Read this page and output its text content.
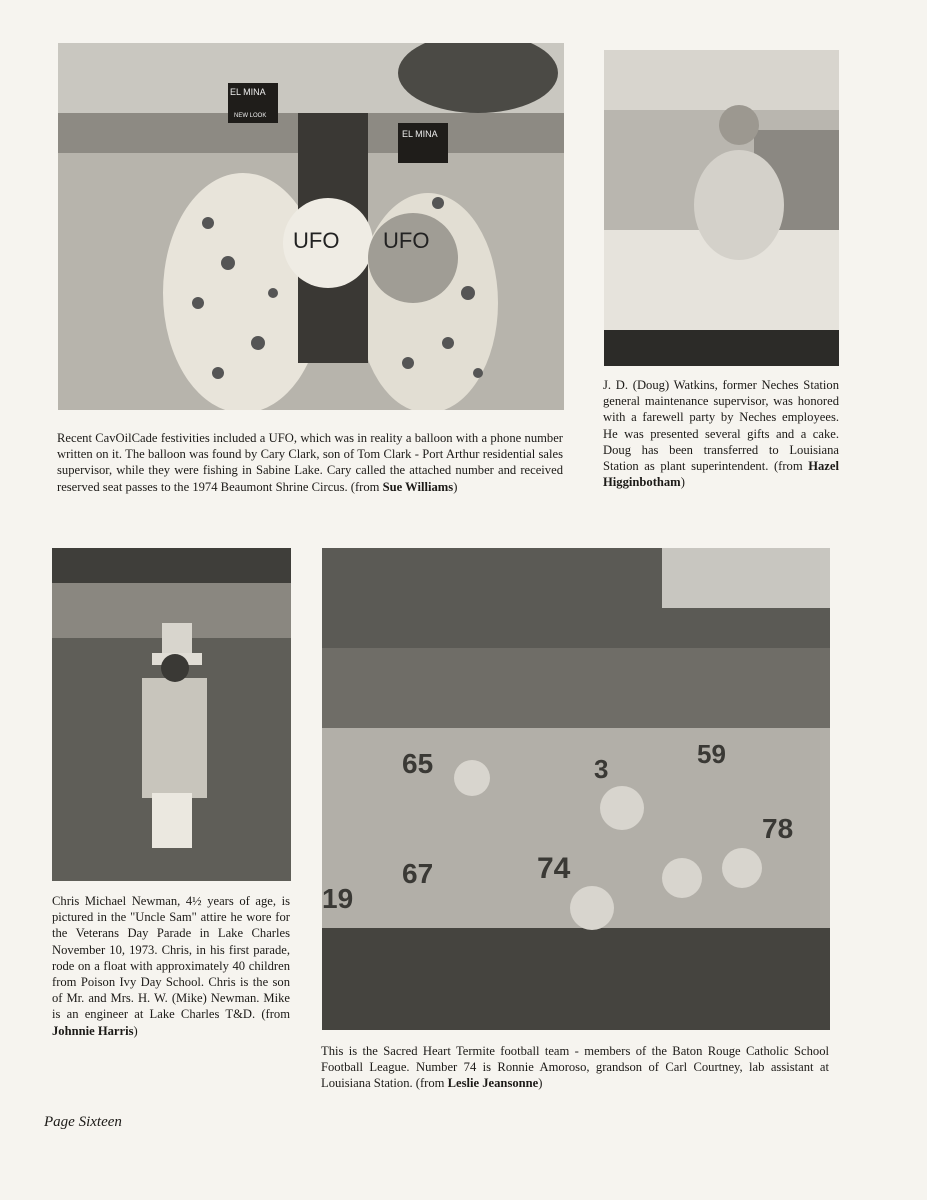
UFO UFO
EL MINA
NEW LOOK
EL MINA
65	3	59
74
67
19
78

Recent CavOilCade festivities included a UFO, which was in reality a balloon with a phone number written on it. The balloon was found by Cary Clark, son of Tom Clark - Port Arthur residential sales supervisor, while they were fishing in Sabine Lake. Cary called the attached number and received reserved seat passes to the 1974 Beaumont Shrine Circus. (from Sue Williams)

J. D. (Doug) Watkins, former Neches Station general maintenance supervisor, was honored with a farewell party by Neches employees. He was presented several gifts and a cake. Doug has been transferred to Louisiana Station as plant superintendent. (from Hazel Higginbotham)

Chris Michael Newman, 4½ years of age, is pictured in the "Uncle Sam" attire he wore for the Veterans Day Parade in Lake Charles November 10, 1973. Chris, in his first parade, rode on a float with approximately 40 children from Poison Ivy Day School. Chris is the son of Mr. and Mrs. H. W. (Mike) Newman. Mike is an engineer at Lake Charles T&D. (from Johnnie Harris)

This is the Sacred Heart Termite football team - members of the Baton Rouge Catholic School Football League. Number 74 is Ronnie Amoroso, grandson of Carl Courtney, lab assistant at Louisiana Station. (from Leslie Jeansonne)

Page Sixteen
